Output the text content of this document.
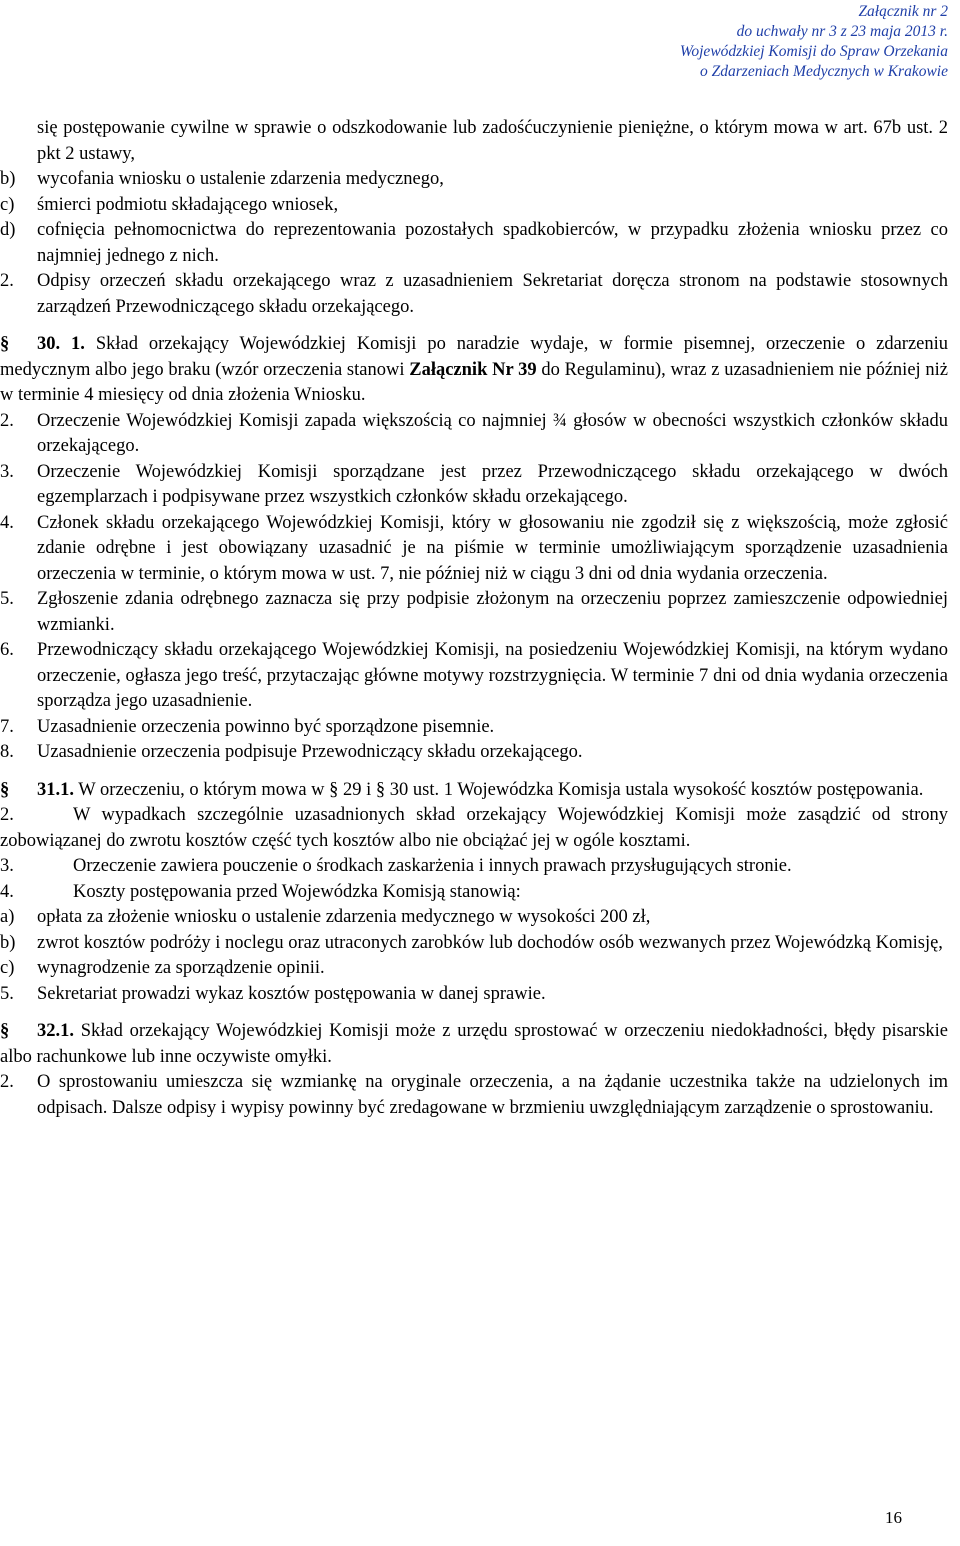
Załącznik nr 2
do uchwały nr 3 z 23 maja 2013 r.
Wojewódzkiej Komisji do Spraw Orzekania
o Zdarzeniach Medycznych w Krakowie
się postępowanie cywilne w sprawie o odszkodowanie lub zadośćuczynienie pieniężne, o którym mowa w art. 67b ust. 2 pkt 2 ustawy,
b)	wycofania wniosku o ustalenie zdarzenia medycznego,
c)	śmierci podmiotu składającego wniosek,
d)	cofnięcia pełnomocnictwa do reprezentowania pozostałych spadkobierców, w przypadku złożenia wniosku przez co najmniej jednego z nich.
2.	Odpisy orzeczeń składu orzekającego wraz z uzasadnieniem Sekretariat doręcza stronom na podstawie stosownych zarządzeń Przewodniczącego składu orzekającego.
§ 30. 1. Skład orzekający Wojewódzkiej Komisji po naradzie wydaje, w formie pisemnej, orzeczenie o zdarzeniu medycznym albo jego braku (wzór orzeczenia stanowi Załącznik Nr 39 do Regulaminu), wraz z uzasadnieniem nie później niż w terminie 4 miesięcy od dnia złożenia Wniosku.
2.	Orzeczenie Wojewódzkiej Komisji zapada większością co najmniej ¾ głosów w obecności wszystkich członków składu orzekającego.
3.	Orzeczenie Wojewódzkiej Komisji sporządzane jest przez Przewodniczącego składu orzekającego w dwóch egzemplarzach i podpisywane przez wszystkich członków składu orzekającego.
4.	Członek składu orzekającego Wojewódzkiej Komisji, który w głosowaniu nie zgodził się z większością, może zgłosić zdanie odrębne i jest obowiązany uzasadnić je na piśmie w terminie umożliwiającym sporządzenie uzasadnienia orzeczenia w terminie, o którym mowa w ust. 7, nie później niż w ciągu 3 dni od dnia wydania orzeczenia.
5.	Zgłoszenie zdania odrębnego zaznacza się przy podpisie złożonym na orzeczeniu poprzez zamieszczenie odpowiedniej wzmianki.
6.	Przewodniczący składu orzekającego Wojewódzkiej Komisji, na posiedzeniu Wojewódzkiej Komisji, na którym wydano orzeczenie, ogłasza jego treść, przytaczając główne motywy rozstrzygnięcia. W terminie 7 dni od dnia wydania orzeczenia sporządza jego uzasadnienie.
7.	Uzasadnienie orzeczenia powinno być sporządzone pisemnie.
8.	Uzasadnienie orzeczenia podpisuje Przewodniczący składu orzekającego.
§ 31.1. W orzeczeniu, o którym mowa w § 29 i § 30 ust. 1 Wojewódzka Komisja ustala wysokość kosztów postępowania.
2.	W wypadkach szczególnie uzasadnionych skład orzekający Wojewódzkiej Komisji może zasądzić od strony zobowiązanej do zwrotu kosztów część tych kosztów albo nie obciążać jej w ogóle kosztami.
3.	Orzeczenie zawiera pouczenie o środkach zaskarżenia i innych prawach przysługujących stronie.
4.	Koszty postępowania przed Wojewódzka Komisją stanowią:
a)	opłata za złożenie wniosku o ustalenie zdarzenia medycznego w wysokości 200 zł,
b)	zwrot kosztów podróży i noclegu oraz utraconych zarobków lub dochodów osób wezwanych przez Wojewódzką Komisję,
c)	wynagrodzenie za sporządzenie opinii.
5.	Sekretariat prowadzi wykaz kosztów postępowania w danej sprawie.
§ 32.1. Skład orzekający Wojewódzkiej Komisji może z urzędu sprostować w orzeczeniu niedokładności, błędy pisarskie albo rachunkowe lub inne oczywiste omyłki.
2.	O sprostowaniu umieszcza się wzmiankę na oryginale orzeczenia, a na żądanie uczestnika także na udzielonych im odpisach. Dalsze odpisy i wypisy powinny być zredagowane w brzmieniu uwzględniającym zarządzenie o sprostowaniu.
16
